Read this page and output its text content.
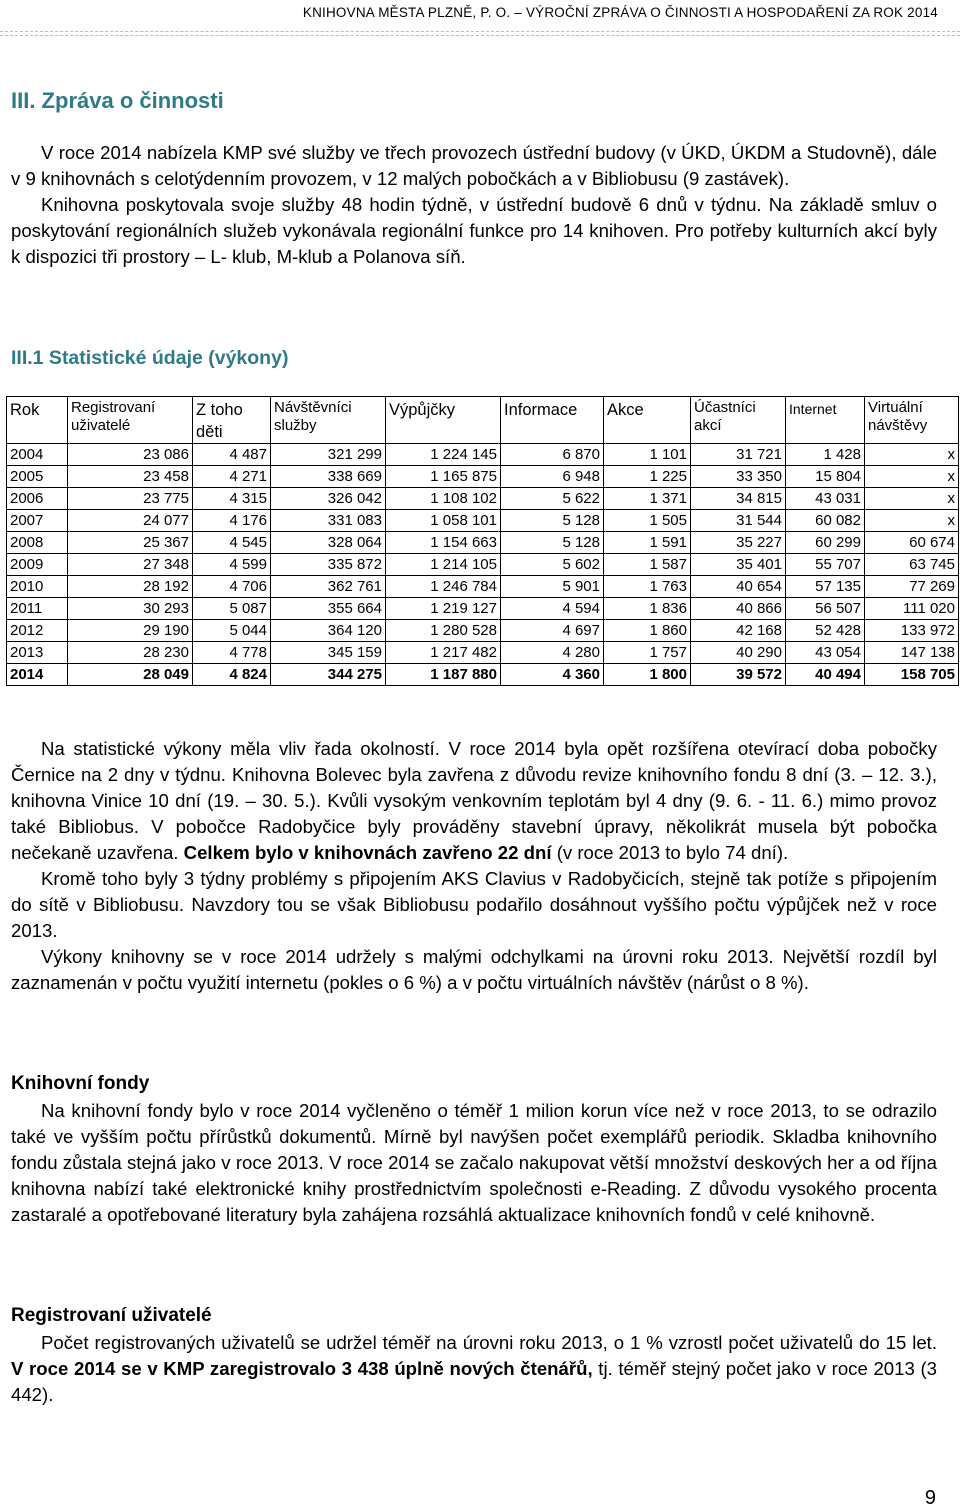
KNIHOVNA MĚSTA PLZNĚ, P. O. – VÝROČNÍ ZPRÁVA O ČINNOSTI A HOSPODAŘENÍ ZA ROK 2014
III. Zpráva o činnosti

V roce 2014 nabízela KMP své služby ve třech provozech ústřední budovy (v ÚKD, ÚKDM a Studovně), dále v 9 knihovnách s celotýdenním provozem, v 12 malých pobočkách a v Bibliobusu (9 zastávek).

Knihovna poskytovala svoje služby 48 hodin týdně, v ústřední budově 6 dnů v týdnu. Na základě smluv o poskytování regionálních služeb vykonávala regionální funkce pro 14 knihoven. Pro potřeby kulturních akcí byly k dispozici tři prostory – L- klub, M-klub a Polanova síň.

III.1 Statistické údaje (výkony)
Rok	Registrovaní uživatelé	Z toho děti	Návštěvníci služby	Výpůjčky	Informace	Akce	Účastníci akcí	Internet	Virtuální návštěvy
2004	23 086	4 487	321 299	1 224 145	6 870	1 101	31 721	1 428	x
2005	23 458	4 271	338 669	1 165 875	6 948	1 225	33 350	15 804	x
2006	23 775	4 315	326 042	1 108 102	5 622	1 371	34 815	43 031	x
2007	24 077	4 176	331 083	1 058 101	5 128	1 505	31 544	60 082	x
2008	25 367	4 545	328 064	1 154 663	5 128	1 591	35 227	60 299	60 674
2009	27 348	4 599	335 872	1 214 105	5 602	1 587	35 401	55 707	63 745
2010	28 192	4 706	362 761	1 246 784	5 901	1 763	40 654	57 135	77 269
2011	30 293	5 087	355 664	1 219 127	4 594	1 836	40 866	56 507	111 020
2012	29 190	5 044	364 120	1 280 528	4 697	1 860	42 168	52 428	133 972
2013	28 230	4 778	345 159	1 217 482	4 280	1 757	40 290	43 054	147 138
2014	28 049	4 824	344 275	1 187 880	4 360	1 800	39 572	40 494	158 705

Na statistické výkony měla vliv řada okolností. V roce 2014 byla opět rozšířena otevírací doba pobočky Černice na 2 dny v týdnu. Knihovna Bolevec byla zavřena z důvodu revize knihovního fondu 8 dní (3. – 12. 3.), knihovna Vinice 10 dní (19. – 30. 5.). Kvůli vysokým venkovním teplotám byl 4 dny (9. 6. - 11. 6.) mimo provoz také Bibliobus. V pobočce Radobyčice byly prováděny stavební úpravy, několikrát musela být pobočka nečekaně uzavřena. Celkem bylo v knihovnách zavřeno 22 dní (v roce 2013 to bylo 74 dní).

Kromě toho byly 3 týdny problémy s připojením AKS Clavius v Radobyčicích, stejně tak potíže s připojením do sítě v Bibliobusu. Navzdory tou se však Bibliobusu podařilo dosáhnout vyššího počtu výpůjček než v roce 2013.

Výkony knihovny se v roce 2014 udržely s malými odchylkami na úrovni roku 2013. Největší rozdíl byl zaznamenán v počtu využití internetu (pokles o 6 %) a v počtu virtuálních návštěv (nárůst o 8 %).

Knihovní fondy

Na knihovní fondy bylo v roce 2014 vyčleněno o téměř 1 milion korun více než v roce 2013, to se odrazilo také ve vyšším počtu přírůstků dokumentů. Mírně byl navýšen počet exemplářů periodik. Skladba knihovního fondu zůstala stejná jako v roce 2013. V roce 2014 se začalo nakupovat větší množství deskových her a od října knihovna nabízí také elektronické knihy prostřednictvím společnosti e-Reading. Z důvodu vysokého procenta zastaralé a opotřebované literatury byla zahájena rozsáhlá aktualizace knihovních fondů v celé knihovně.

Registrovaní uživatelé

Počet registrovaných uživatelů se udržel téměř na úrovni roku 2013, o 1 % vzrostl počet uživatelů do 15 let. V roce 2014 se v KMP zaregistrovalo 3 438 úplně nových čtenářů, tj. téměř stejný počet jako v roce 2013 (3 442).

9
